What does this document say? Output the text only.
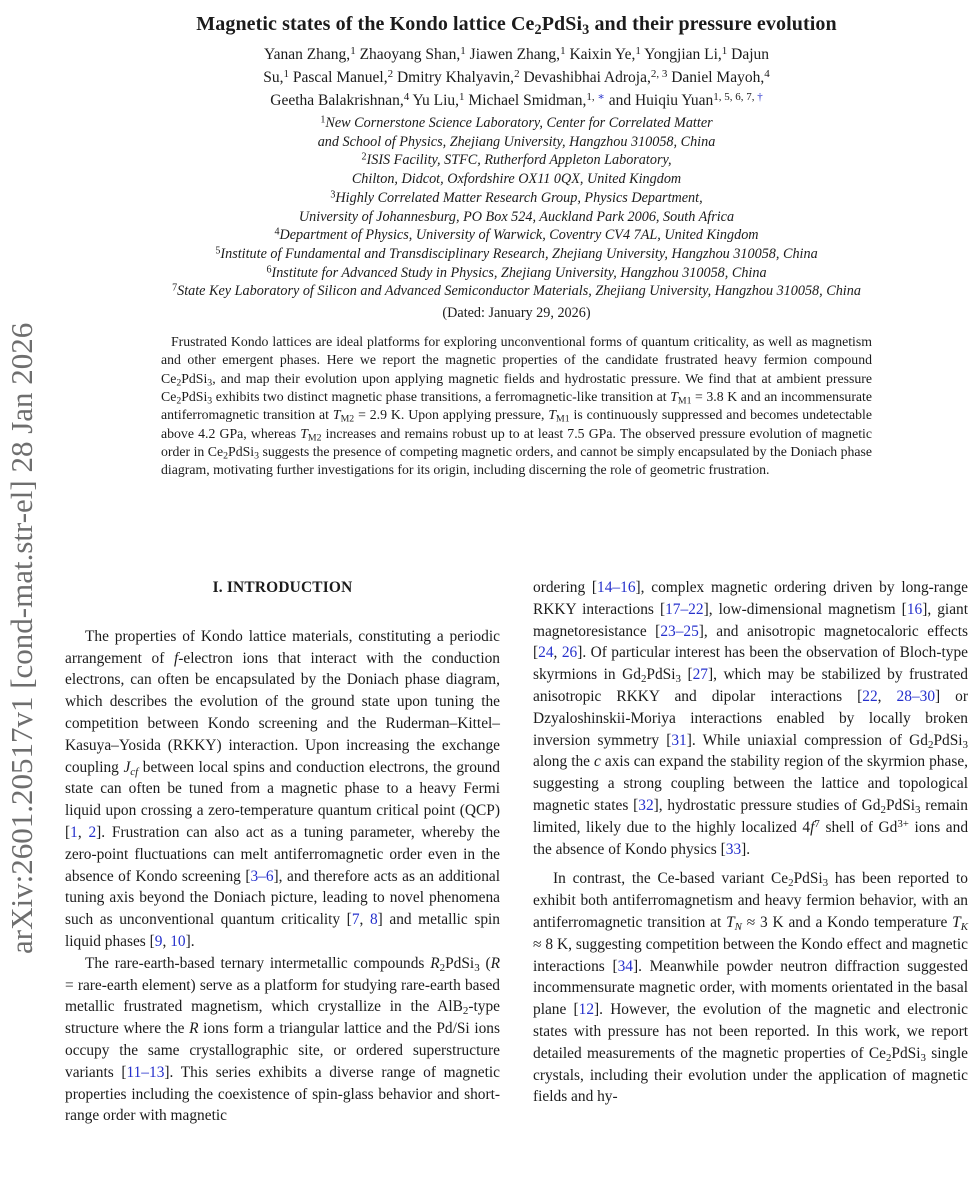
arXiv:2601.20517v1 [cond-mat.str-el] 28 Jan 2026
Magnetic states of the Kondo lattice Ce2PdSi3 and their pressure evolution
Yanan Zhang,$^1$ Zhaoyang Shan,$^1$ Jiawen Zhang,$^1$ Kaixin Ye,$^1$ Yongjian Li,$^1$ Dajun
Su,$^1$ Pascal Manuel,$^2$ Dmitry Khalyavin,$^2$ Devashibhai Adroja,$^{2, 3}$ Daniel Mayoh,$^4$
Geetha Balakrishnan,$^4$ Yu Liu,$^1$ Michael Smidman,$^{1,}$ ∗ and Huiqiu Yuan$^{1, 5, 6, 7,}$ †
$^1$New Cornerstone Science Laboratory, Center for Correlated Matter
and School of Physics, Zhejiang University, Hangzhou 310058, China
$^2$ISIS Facility, STFC, Rutherford Appleton Laboratory,
Chilton, Didcot, Oxfordshire OX11 0QX, United Kingdom
$^3$Highly Correlated Matter Research Group, Physics Department,
University of Johannesburg, PO Box 524, Auckland Park 2006, South Africa
$^4$Department of Physics, University of Warwick, Coventry CV4 7AL, United Kingdom
$^5$Institute of Fundamental and Transdisciplinary Research, Zhejiang University, Hangzhou 310058, China
$^6$Institute for Advanced Study in Physics, Zhejiang University, Hangzhou 310058, China
$^7$State Key Laboratory of Silicon and Advanced Semiconductor Materials, Zhejiang University, Hangzhou 310058, China
(Dated: January 29, 2026)
Frustrated Kondo lattices are ideal platforms for exploring unconventional forms of quantum criticality, as well as magnetism and other emergent phases. Here we report the magnetic properties of the candidate frustrated heavy fermion compound Ce2PdSi3, and map their evolution upon applying magnetic fields and hydrostatic pressure. We find that at ambient pressure Ce2PdSi3 exhibits two distinct magnetic phase transitions, a ferromagnetic-like transition at TM1 = 3.8 K and an incommensurate antiferromagnetic transition at TM2 = 2.9 K. Upon applying pressure, TM1 is continuously suppressed and becomes undetectable above 4.2 GPa, whereas TM2 increases and remains robust up to at least 7.5 GPa. The observed pressure evolution of magnetic order in Ce2PdSi3 suggests the presence of competing magnetic orders, and cannot be simply encapsulated by the Doniach phase diagram, motivating further investigations for its origin, including discerning the role of geometric frustration.
I. INTRODUCTION

The properties of Kondo lattice materials, constituting a periodic arrangement of f-electron ions that interact with the conduction electrons, can often be encapsulated by the Doniach phase diagram, which describes the evolution of the ground state upon tuning the competition between Kondo screening and the Ruderman–Kittel–Kasuya–Yosida (RKKY) interaction. Upon increasing the exchange coupling Jcf between local spins and conduction electrons, the ground state can often be tuned from a magnetic phase to a heavy Fermi liquid upon crossing a zero-temperature quantum critical point (QCP) [1, 2]. Frustration can also act as a tuning parameter, whereby the zero-point fluctuations can melt antiferromagnetic order even in the absence of Kondo screening [3–6], and therefore acts as an additional tuning axis beyond the Doniach picture, leading to novel phenomena such as unconventional quantum criticality [7, 8] and metallic spin liquid phases [9, 10].

The rare-earth-based ternary intermetallic compounds R2PdSi3 (R = rare-earth element) serve as a platform for studying rare-earth based metallic frustrated magnetism, which crystallize in the AlB2-type structure where the R ions form a triangular lattice and the Pd/Si ions occupy the same crystallographic site, or ordered superstructure variants [11–13]. This series exhibits a diverse range of magnetic properties including the coexistence of spin-glass behavior and short-range order with magnetic

ordering [14–16], complex magnetic ordering driven by long-range RKKY interactions [17–22], low-dimensional magnetism [16], giant magnetoresistance [23–25], and anisotropic magnetocaloric effects [24, 26]. Of particular interest has been the observation of Bloch-type skyrmions in Gd2PdSi3 [27], which may be stabilized by frustrated anisotropic RKKY and dipolar interactions [22, 28–30] or Dzyaloshinskii-Moriya interactions enabled by locally broken inversion symmetry [31]. While uniaxial compression of Gd2PdSi3 along the c axis can expand the stability region of the skyrmion phase, suggesting a strong coupling between the lattice and topological magnetic states [32], hydrostatic pressure studies of Gd2PdSi3 remain limited, likely due to the highly localized $4f^7$ shell of $Gd^{3+}$ ions and the absence of Kondo physics [33].

In contrast, the Ce-based variant Ce2PdSi3 has been reported to exhibit both antiferromagnetism and heavy fermion behavior, with an antiferromagnetic transition at TN ≈ 3 K and a Kondo temperature TK ≈ 8 K, suggesting competition between the Kondo effect and magnetic interactions [34]. Meanwhile powder neutron diffraction suggested incommensurate magnetic order, with moments orientated in the basal plane [12]. However, the evolution of the magnetic and electronic states with pressure has not been reported. In this work, we report detailed measurements of the magnetic properties of Ce2PdSi3 single crystals, including their evolution under the application of magnetic fields and hy-
